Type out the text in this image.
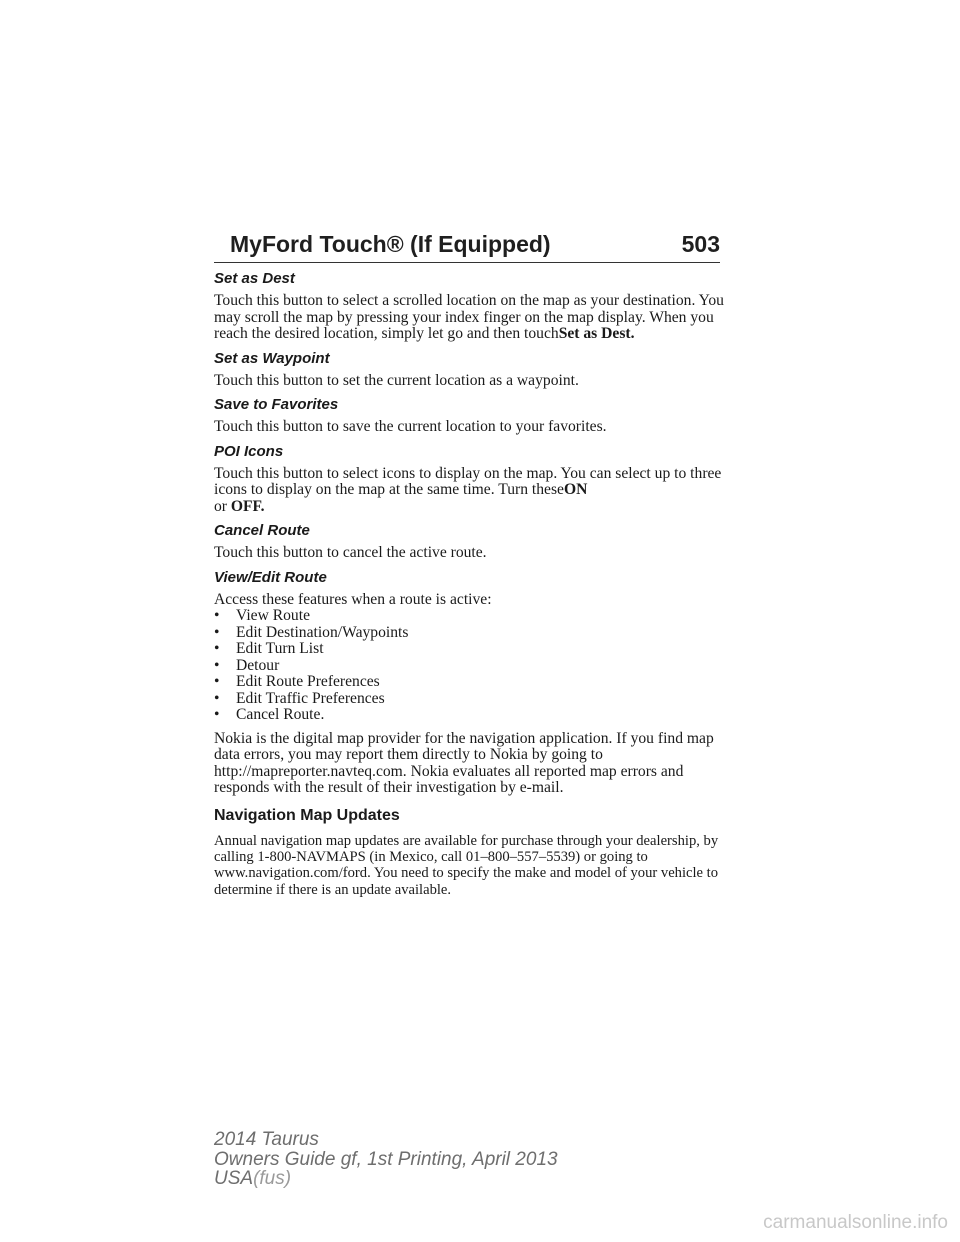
MyFord Touch® (If Equipped)	503
Set as Dest

Touch this button to select a scrolled location on the map as your destination. You may scroll the map by pressing your index finger on the map display. When you reach the desired location, simply let go and then touchSet as Dest.

Set as Waypoint

Touch this button to set the current location as a waypoint.

Save to Favorites

Touch this button to save the current location to your favorites.

POI Icons

Touch this button to select icons to display on the map. You can select up to three icons to display on the map at the same time. Turn theseON
or OFF.

Cancel Route

Touch this button to cancel the active route.

View/Edit Route

Access these features when a route is active:

• View Route
• Edit Destination/Waypoints
• Edit Turn List
• Detour
• Edit Route Preferences
• Edit Traffic Preferences
• Cancel Route.

Nokia is the digital map provider for the navigation application. If you find map data errors, you may report them directly to Nokia by going to http://mapreporter.navteq.com. Nokia evaluates all reported map errors and responds with the result of their investigation by e-mail.

Navigation Map Updates

Annual navigation map updates are available for purchase through your dealership, by calling 1-800-NAVMAPS (in Mexico, call 01–800–557–5539) or going to www.navigation.com/ford. You need to specify the make and model of your vehicle to determine if there is an update available.

2014 Taurus
Owners Guide gf, 1st Printing, April 2013
USA(fus)
carmanualsonline.info
